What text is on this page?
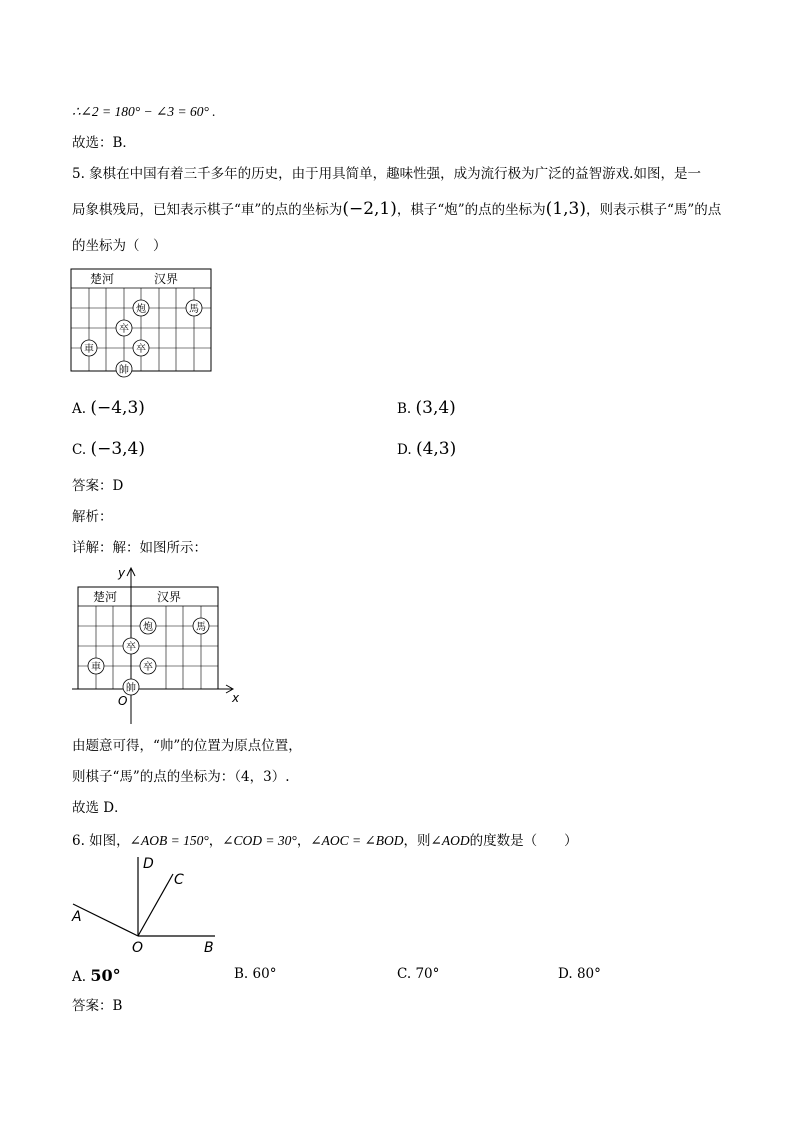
∴∠2 = 180° − ∠3 = 60° .
故选：B．
5. 象棋在中国有着三千多年的历史，由于用具简单，趣味性强，成为流行极为广泛的益智游戏.如图，是一
局象棋残局，已知表示棋子“車”的点的坐标为(−2,1)，棋子“炮”的点的坐标为(1,3)，则表示棋子“馬”的点
的坐标为（　）
楚河	汉界
炮	馬
卒
車	卒
帥
A. (−4,3)	B. (3,4)
C. (−3,4)	D. (4,3)
答案：D
解析：
详解：解：如图所示：
y
x
O
楚河	汉界
炮	馬
卒
車	卒
帥
由题意可得，“帅”的位置为原点位置，
则棋子“馬”的点的坐标为：（4，3）.
故选 D．
6. 如图，∠AOB = 150°，∠COD = 30°，∠AOC = ∠BOD，则∠AOD的度数是（　　）
D
C
A
O	B
A. 50°	B. 60°	C. 70°	D. 80°
答案：B
